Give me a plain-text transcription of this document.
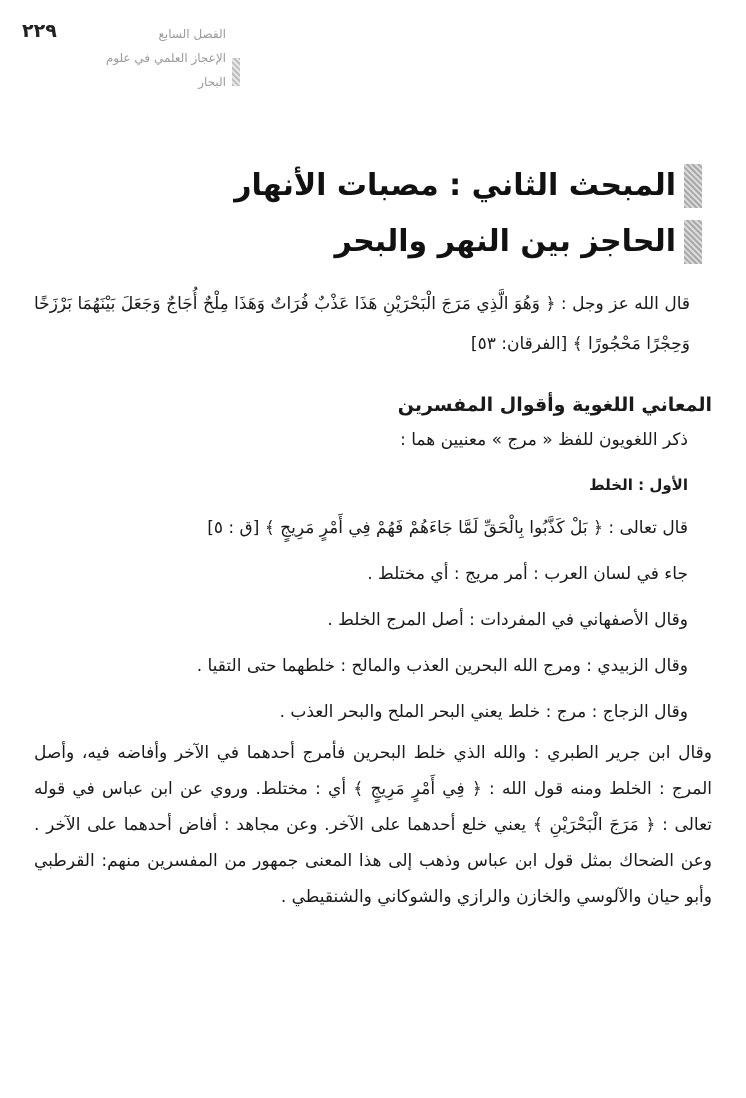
٢٢٩	الفصل السابع
الإعجاز العلمي في علوم البحار
المبحث الثاني : مصبات الأنهار
الحاجز بين النهر والبحر

قال الله عز وجل : ﴿ وَهُوَ الَّذِي مَرَجَ الْبَحْرَيْنِ هَذَا عَذْبٌ فُرَاتٌ وَهَذَا مِلْحٌ أُجَاجٌ وَجَعَلَ بَيْنَهُمَا بَرْزَخًا وَحِجْرًا مَحْجُورًا ﴾ [الفرقان: ٥٣]

المعاني اللغوية وأقوال المفسرين

ذكر اللغويون للفظ « مرج » معنيين هما :

الأول : الخلط

قال تعالى : ﴿ بَلْ كَذَّبُوا بِالْحَقِّ لَمَّا جَاءَهُمْ فَهُمْ فِي أَمْرٍ مَرِيجٍ ﴾ [ق : ٥]

جاء في لسان العرب : أمر مريج : أي مختلط .

وقال الأصفهاني في المفردات : أصل المرج الخلط .

وقال الزبيدي : ومرج الله البحرين العذب والمالح : خلطهما حتى التقيا .

وقال الزجاج : مرج : خلط يعني البحر الملح والبحر العذب .

وقال ابن جرير الطبري : والله الذي خلط البحرين فأمرج أحدهما في الآخر وأفاضه فيه، وأصل المرج : الخلط ومنه قول الله : ﴿ فِي أَمْرٍ مَرِيجٍ ﴾ أي : مختلط. وروي عن ابن عباس في قوله تعالى : ﴿ مَرَجَ الْبَحْرَيْنِ ﴾ يعني خلع أحدهما على الآخر. وعن مجاهد : أفاض أحدهما على الآخر . وعن الضحاك بمثل قول ابن عباس وذهب إلى هذا المعنى جمهور من المفسرين منهم: القرطبي وأبو حيان والآلوسي والخازن والرازي والشوكاني والشنقيطي .
